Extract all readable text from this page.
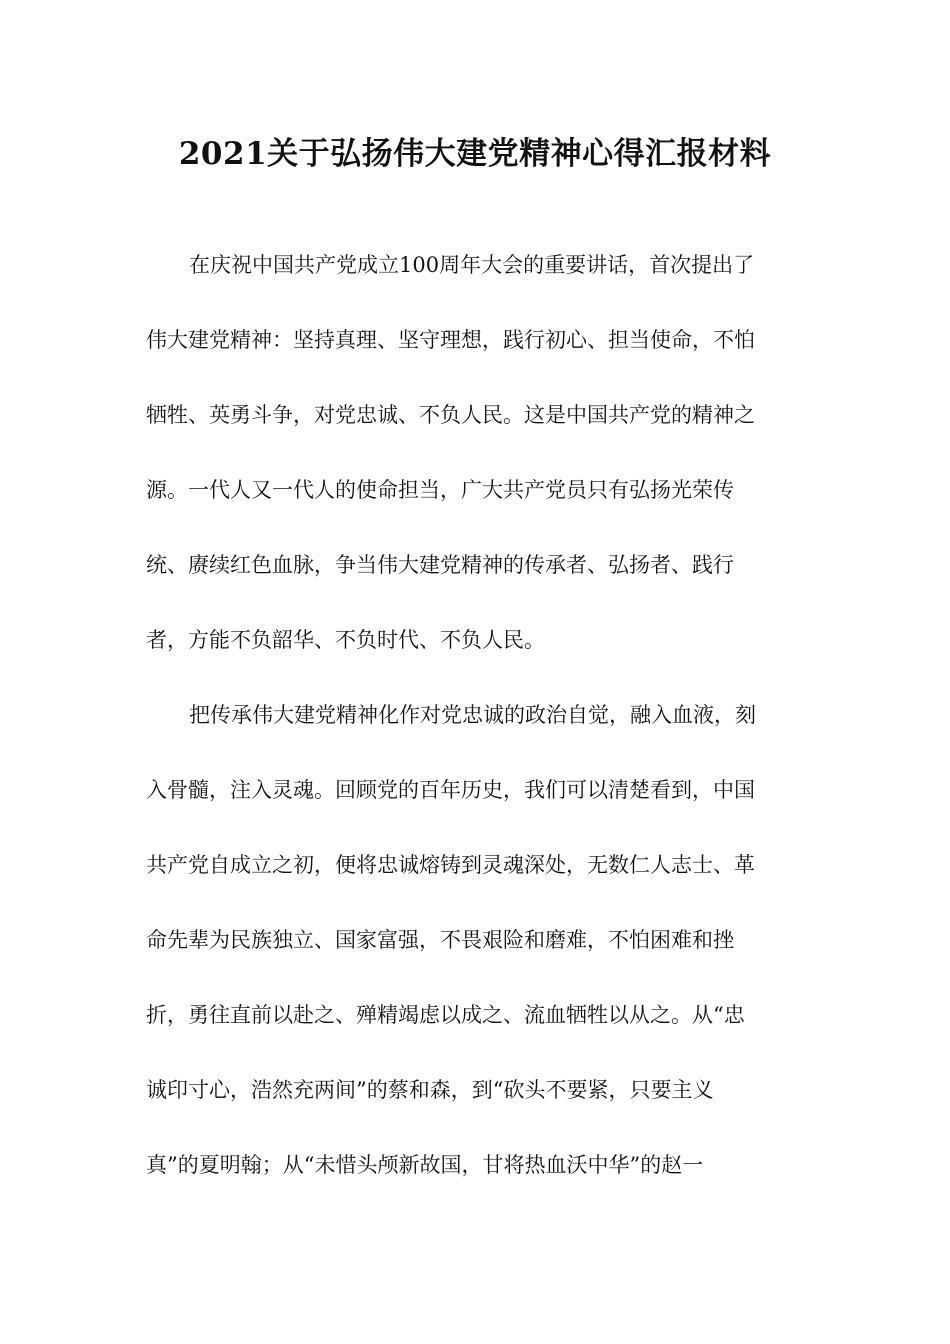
2021关于弘扬伟大建党精神心得汇报材料

在庆祝中国共产党成立100周年大会的重要讲话，首次提出了

伟大建党精神：坚持真理、坚守理想，践行初心、担当使命，不怕

牺牲、英勇斗争，对党忠诚、不负人民。这是中国共产党的精神之

源。一代人又一代人的使命担当，广大共产党员只有弘扬光荣传

统、赓续红色血脉，争当伟大建党精神的传承者、弘扬者、践行

者，方能不负韶华、不负时代、不负人民。

把传承伟大建党精神化作对党忠诚的政治自觉，融入血液，刻

入骨髓，注入灵魂。回顾党的百年历史，我们可以清楚看到，中国

共产党自成立之初，便将忠诚熔铸到灵魂深处，无数仁人志士、革

命先辈为民族独立、国家富强，不畏艰险和磨难，不怕困难和挫

折，勇往直前以赴之、殚精竭虑以成之、流血牺牲以从之。从“忠

诚印寸心，浩然充两间”的蔡和森，到“砍头不要紧，只要主义

真”的夏明翰；从“未惜头颅新故国，甘将热血沃中华”的赵一
